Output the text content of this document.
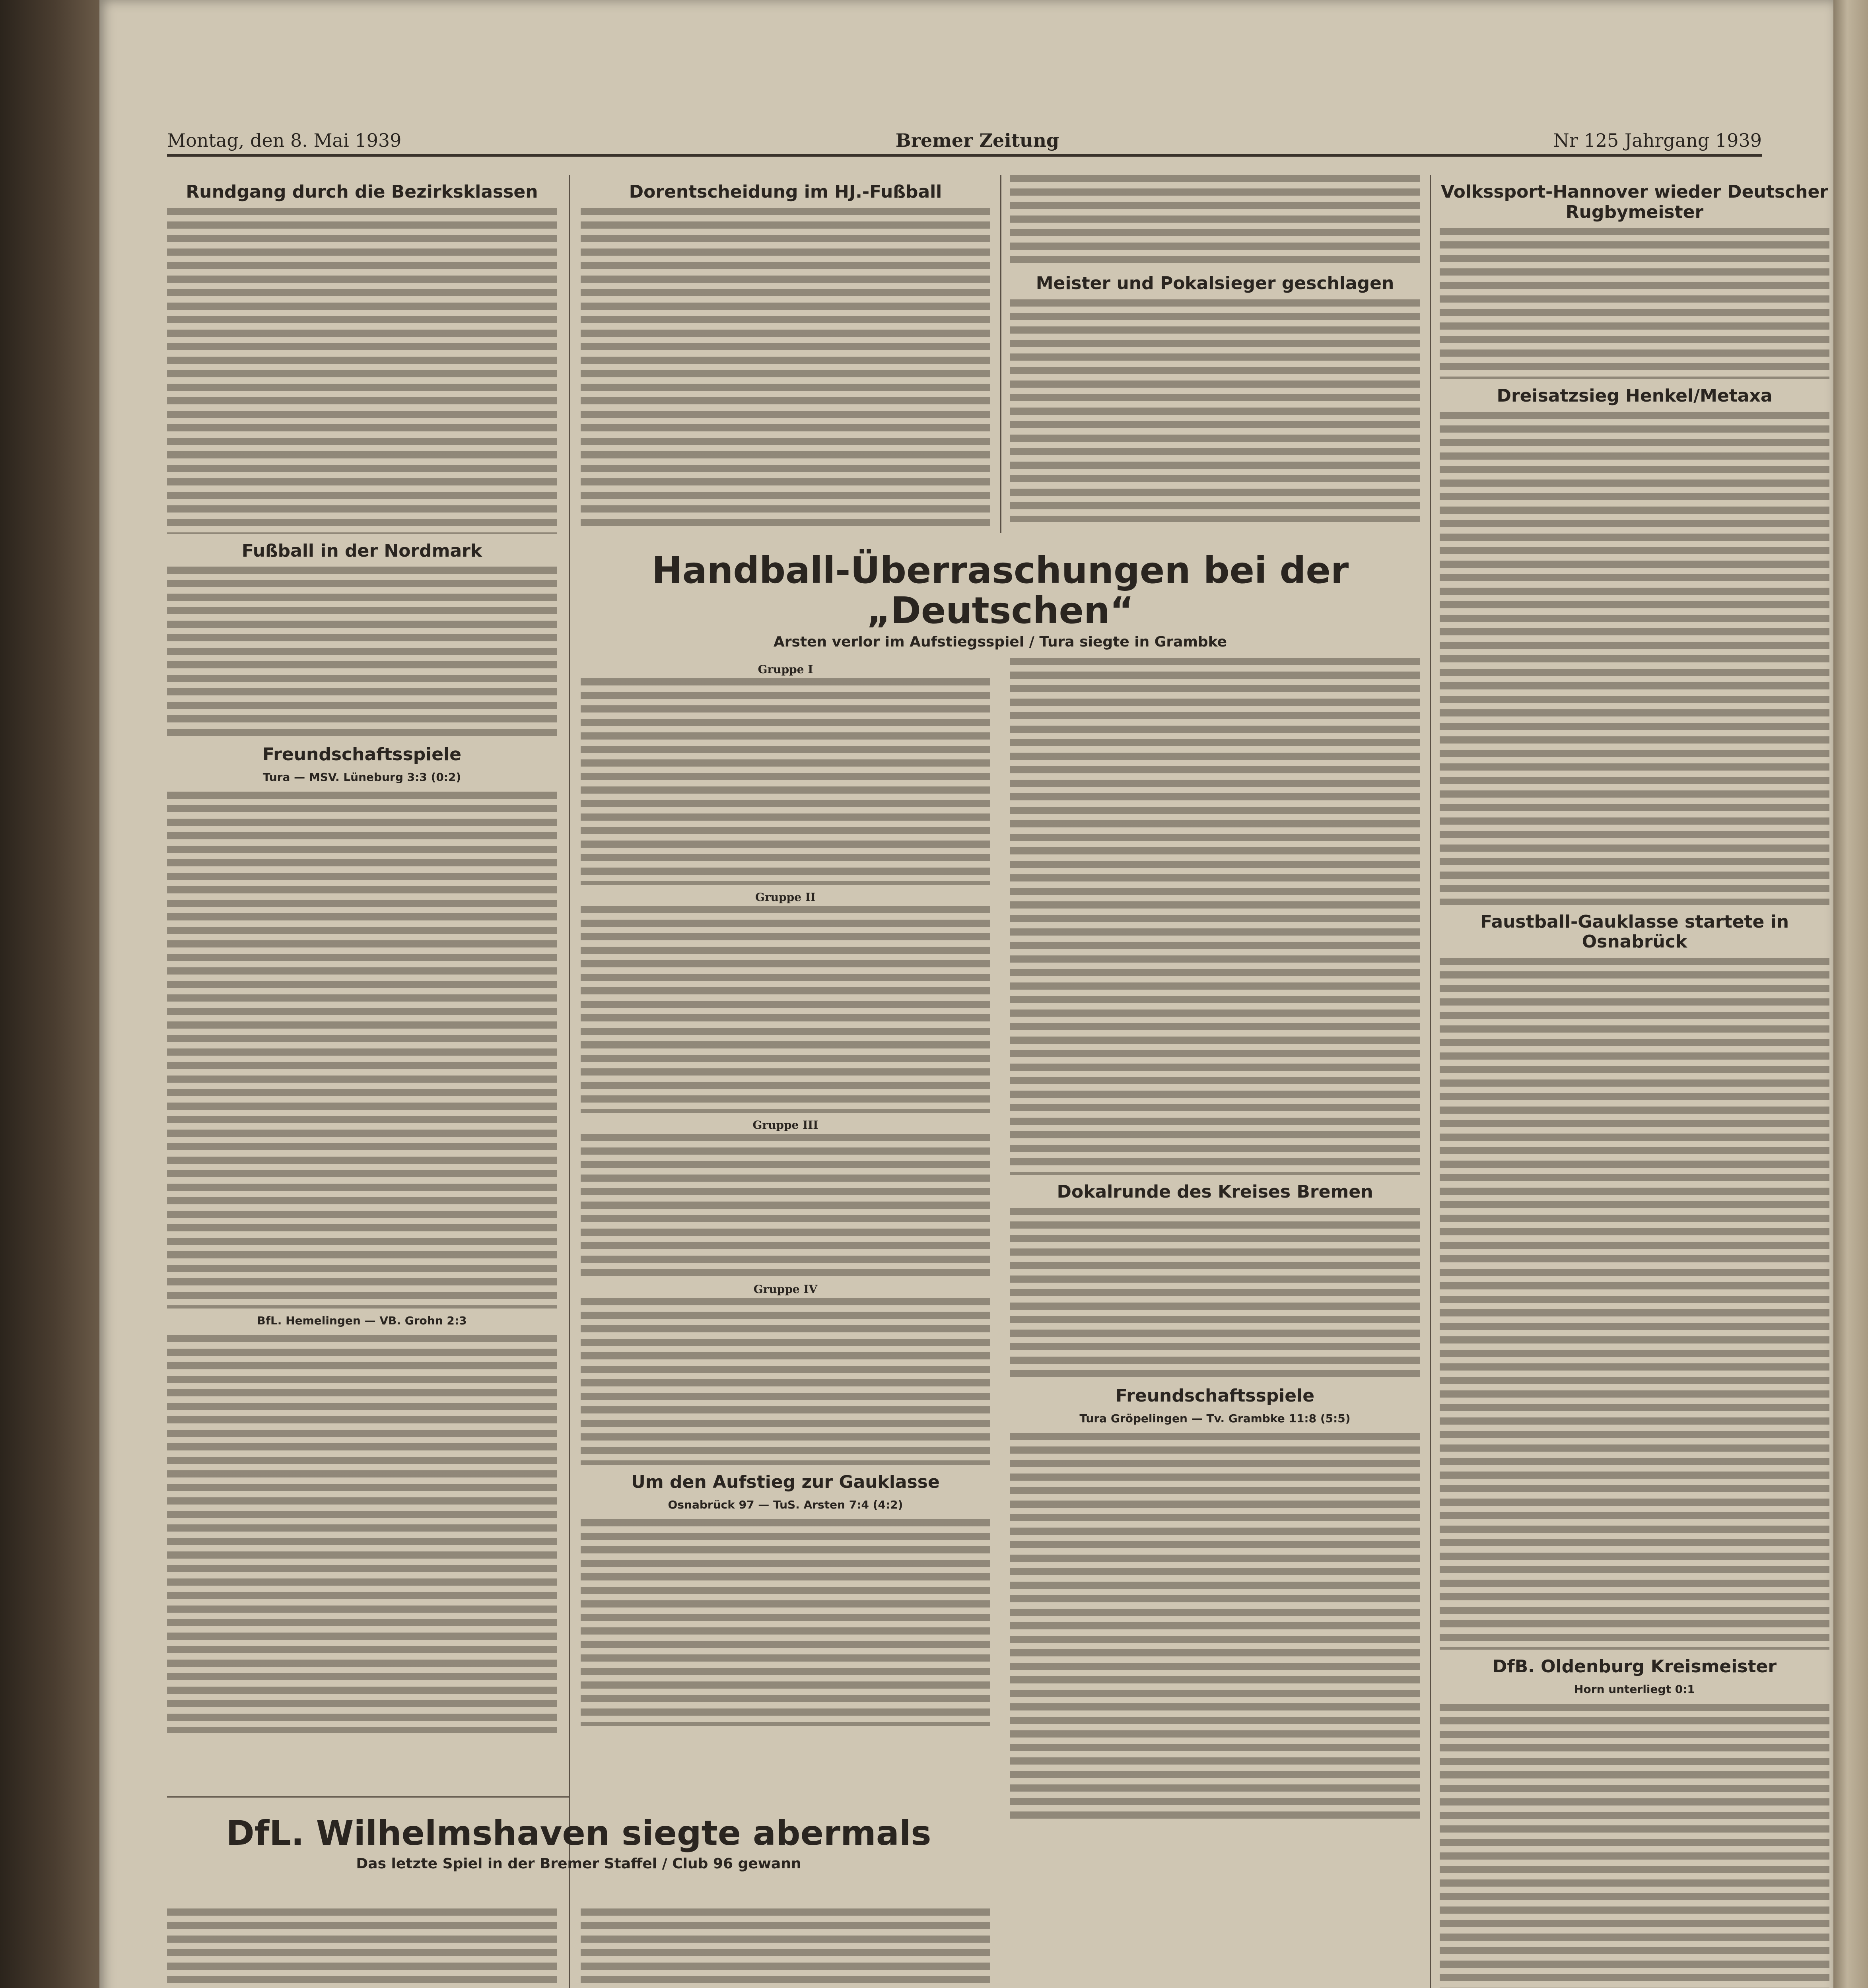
Montag, den 8. Mai 1939	Bremer Zeitung	Nr 125 Jahrgang 1939
Rundgang durch die Bezirksklassen
Fußball in der Nordmark
Freundschaftsspiele
Tura — MSV. Lüneburg 3:3 (0:2)
BfL. Hemelingen — VB. Grohn 2:3
Dorentscheidung im HJ.-Fußball
Meister und Pokalsieger geschlagen
Handball-Überraschungen bei der „Deutschen“
Arsten verlor im Aufstiegsspiel / Tura siegte in Grambke
Gruppe I
Gruppe II
Gruppe III
Gruppe IV
Um den Aufstieg zur Gauklasse
Osnabrück 97 — TuS. Arsten 7:4 (4:2)
Dokalrunde des Kreises Bremen
Freundschaftsspiele
Tura Gröpelingen — Tv. Grambke 11:8 (5:5)
DfL. Wilhelmshaven siegte abermals
Das letzte Spiel in der Bremer Staffel / Club 96 gewann

Volkssport-Hannover wieder Deutscher Rugbymeister
Dreisatzsieg Henkel/Metaxa
Faustball-Gauklasse startete in Osnabrück
DfB. Oldenburg Kreismeister
Horn unterliegt 0:1
